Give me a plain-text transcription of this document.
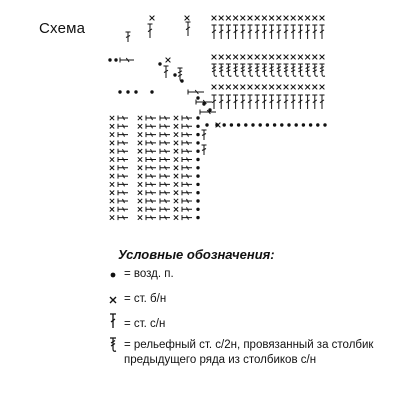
Схема
Условные обозначения:
= возд. п.
= ст. б/н
= ст. с/н
= рельефный ст. с/2н, провязанный за столбик предыдущего ряда из столбиков с/н
